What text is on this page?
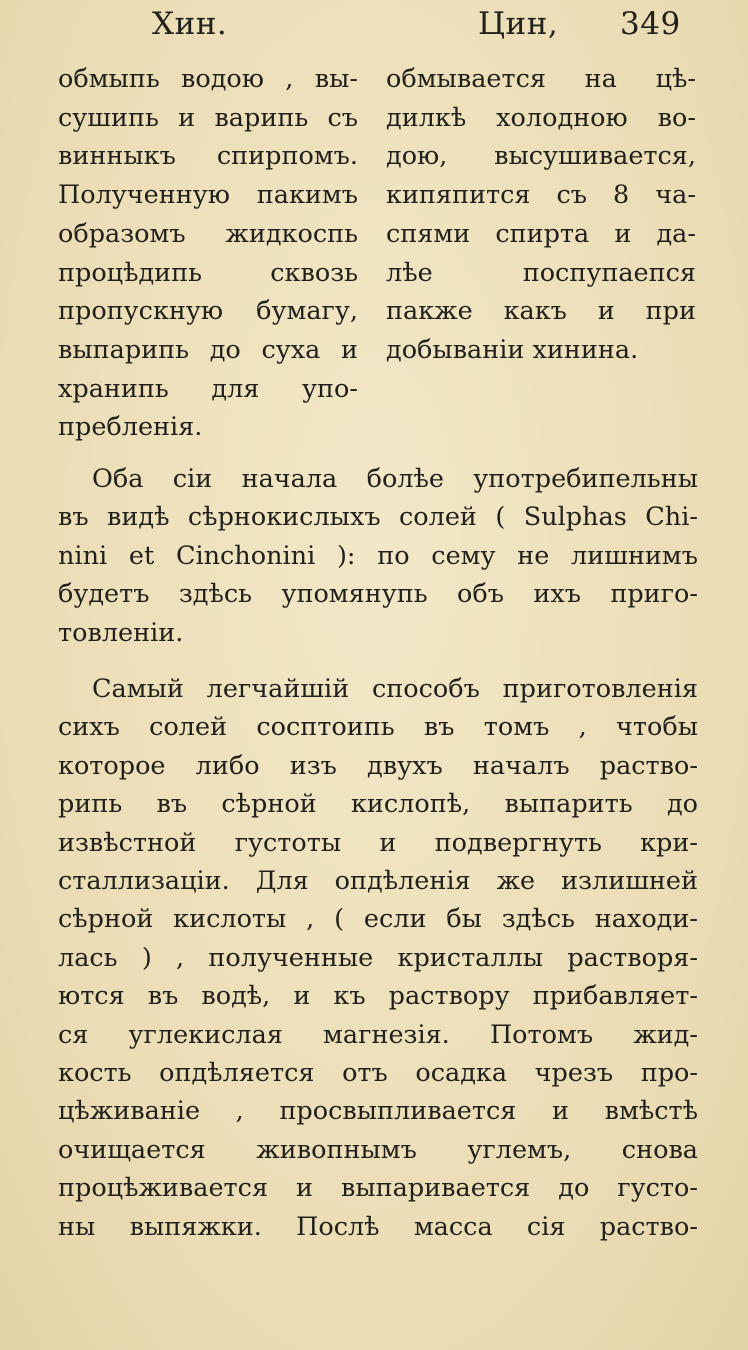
Хин.	Цин, 349
обмыпь водою , вы-
сушипь и варипь съ
винныкъ спирпомъ.
Полученную пакимъ
образомъ жидкоспь
процѣдипь сквозь
пропускную бумагу,
выпарипь до суха и
хранипь для упо-
пребленія.
обмывается на цѣ-
дилкѣ холодною во-
дою, высушивается,
кипяпится съ 8 ча-
спями спирта и да-
лѣе поспупаепся
пакже какъ и при
добываніи хинина.
Оба сіи начала болѣе употребипельны
въ видѣ сѣрнокислыхъ солей ( Sulphas Chi-
nini et Cinchonini ): по сему не лишнимъ
будетъ здѣсь упомянупь объ ихъ приго-
товленіи.
Самый легчайшій способъ приготовленія
сихъ солей сосптоипь въ томъ , чтобы
которое либо изъ двухъ началъ раство-
рипь въ сѣрной кислопѣ, выпарить до
извѣстной густоты и подвергнуть кри-
сталлизаціи. Для опдѣленія же излишней
сѣрной кислоты , ( если бы здѣсь находи-
лась ) , полученные кристаллы растворя-
ются въ водѣ, и къ раствору прибавляет-
ся углекислая магнезія. Потомъ жид-
кость опдѣляется отъ осадка чрезъ про-
цѣживаніе , просвыпливается и вмѣстѣ
очищается живопнымъ углемъ, снова
процѣживается и выпаривается до густо-
ны выпяжки. Послѣ масса сія раство-
